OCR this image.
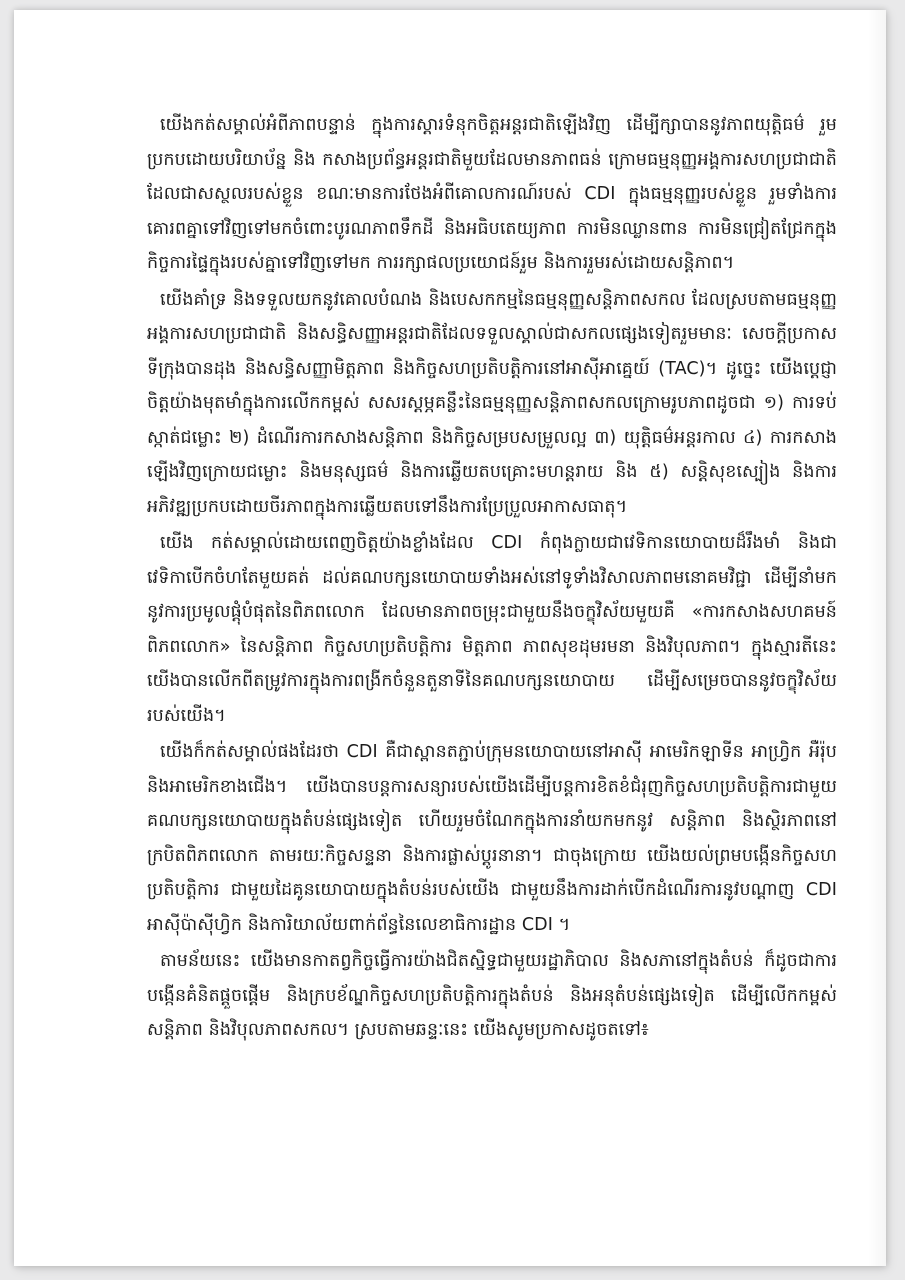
យើងកត់សម្គាល់អំពីភាពបន្ទាន់ ក្នុងការស្តារទំនុកចិត្តអន្តរជាតិឡើងវិញ ដើម្បីក្សាបាននូវភាពយុត្តិធម៌ រួមប្រកបដោយបរិយាប័ន្ន និង កសាងប្រព័ន្ធអន្តរជាតិមួយដែលមានភាពធន់ ក្រោមធម្មនុញ្ញអង្គការសហប្រជាជាតិដែលជាសស្ថលរបស់ខ្លួន ខណៈមានការថែងអំពីគោលការណ៍របស់ CDI ក្នុងធម្មនុញ្ញរបស់ខ្លួន រួមទាំងការគោរពគ្នាទៅវិញទៅមកចំពោះបូរណភាពទឹកដី និងអធិបតេយ្យភាព ការមិនឈ្លានពាន ការមិនជ្រៀតជ្រែកក្នុងកិច្ចការផ្ទៃក្នុងរបស់គ្នាទៅវិញទៅមក ការរក្សាផលប្រយោជន៍រួម និងការរួមរស់ដោយសន្តិភាព។

យើងគាំទ្រ និងទទួលយកនូវគោលបំណង និងបេសកកម្មនៃធម្មនុញ្ញសន្តិភាពសកល ដែលស្របតាមធម្មនុញ្ញអង្គការសហប្រជាជាតិ និងសន្ធិសញ្ញាអន្តរជាតិដែលទទួលស្គាល់ជាសកលផ្សេងទៀតរួមមានៈ សេចក្តីប្រកាសទីក្រុងបានដុង និងសន្ធិសញ្ញាមិត្តភាព និងកិច្ចសហប្រតិបត្តិការនៅអាស៊ីអាគ្នេយ៍ (TAC)។ ដូច្នេះ យើងប្តេជ្ញាចិត្តយ៉ាងមុតមាំក្នុងការលើកកម្ពស់ សសរស្តម្ភគន្លឹះនៃធម្មនុញ្ញសន្តិភាពសកលក្រោមរូបភាពដូចជា ១) ការទប់ស្កាត់ជម្លោះ ២) ដំណើរការកសាងសន្តិភាព និងកិច្ចសម្របសម្រួលល្អ ៣) យុត្តិធម៌អន្តរកាល ៤) ការកសាងឡើងវិញក្រោយជម្លោះ និងមនុស្សធម៌ និងការឆ្លើយតបគ្រោះមហន្តរាយ និង ៥) សន្តិសុខស្បៀង និងការអភិវឌ្ឍប្រកបដោយចីរភាពក្នុងការឆ្លើយតបទៅនឹងការប្រែប្រួលអាកាសធាតុ។

យើង កត់សម្គាល់ដោយពេញចិត្តយ៉ាងខ្លាំងដែល CDI កំពុងក្លាយជាវេទិកានយោបាយដ៏រឹងមាំ និងជាវេទិកាបើកចំហតែមួយគត់ ដល់គណបក្សនយោបាយទាំងអស់នៅទូទាំងវិសាលភាពមនោគមវិជ្ជា ដើម្បីនាំមកនូវការប្រមូលផ្តុំបំផុតនៃពិភពលោក ដែលមានភាពចម្រុះជាមួយនឹងចក្ខុវិស័យមួយគឺ «ការកសាងសហគមន៍ពិភពលោក» នៃសន្តិភាព កិច្ចសហប្រតិបត្តិការ មិត្តភាព ភាពសុខដុមរមនា និងវិបុលភាព។ ក្នុងស្មារតីនេះ យើងបានលើកពីតម្រូវការក្នុងការពង្រីកចំនួនតួនាទីនៃគណបក្សនយោបាយ ដើម្បីសម្រេចបាននូវចក្ខុវិស័យរបស់យើង។

យើងក៏កត់សម្គាល់ផងដែរថា CDI គឺជាស្ពានតភ្ជាប់ក្រុមនយោបាយនៅអាស៊ី អាមេរិកឡាទីន អាហ្វ្រិក អឺរ៉ុប និងអាមេរិកខាងជើង។ យើងបានបន្តការសន្យារបស់យើងដើម្បីបន្តការខិតខំជំរុញកិច្ចសហប្រតិបត្តិការជាមួយគណបក្សនយោបាយក្នុងតំបន់ផ្សេងទៀត ហើយរួមចំណែកក្នុងការនាំយកមកនូវ សន្តិភាព និងស្ថិរភាពនៅក្របិតពិភពលោក តាមរយៈកិច្ចសន្ទនា និងការផ្លាស់ប្តូរនានា។ ជាចុងក្រោយ យើងយល់ព្រមបង្កើនកិច្ចសហប្រតិបត្តិការ ជាមួយដៃគូនយោបាយក្នុងតំបន់របស់យើង ជាមួយនឹងការដាក់បើកដំណើរការនូវបណ្តាញ CDI អាស៊ីប៉ាស៊ីហ្វិក និងការិយាល័យពាក់ព័ន្ធនៃលេខាធិការដ្ឋាន CDI ។

តាមន័យនេះ យើងមានកាតព្វកិច្ចធ្វើការយ៉ាងជិតស្និទ្ធជាមួយរដ្ឋាភិបាល និងសភានៅក្នុងតំបន់ ក៏ដូចជាការបង្កើនគំនិតផ្តួចផ្តើម និងក្របខ័ណ្ឌកិច្ចសហប្រតិបត្តិការក្នុងតំបន់ និងអនុតំបន់ផ្សេងទៀត ដើម្បីលើកកម្ពស់សន្តិភាព និងវិបុលភាពសកល។ ស្របតាមឆន្ទៈនេះ យើងសូមប្រកាសដូចតទៅ៖
